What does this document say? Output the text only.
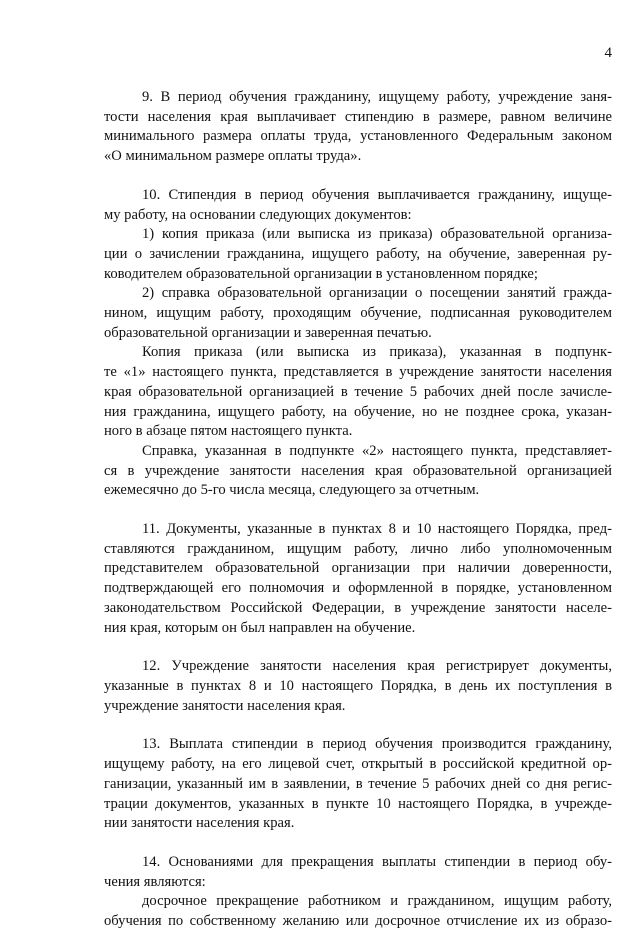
4

9. В период обучения гражданину, ищущему работу, учреждение заня-
тости населения края выплачивает стипендию в размере, равном величине
минимального размера оплаты труда, установленного Федеральным законом
«О минимальном размере оплаты труда».

10. Стипендия в период обучения выплачивается гражданину, ищуще-
му работу, на основании следующих документов:

1) копия приказа (или выписка из приказа) образовательной организа-
ции о зачислении гражданина, ищущего работу, на обучение, заверенная ру-
ководителем образовательной организации в установленном порядке;

2) справка образовательной организации о посещении занятий гражда-
нином, ищущим работу, проходящим обучение, подписанная руководителем
образовательной организации и заверенная печатью.

Копия приказа (или выписка из приказа), указанная в подпунк-
те «1» настоящего пункта, представляется в учреждение занятости населения
края образовательной организацией в течение 5 рабочих дней после зачисле-
ния гражданина, ищущего работу, на обучение, но не позднее срока, указан-
ного в абзаце пятом настоящего пункта.

Справка, указанная в подпункте «2» настоящего пункта, представляет-
ся в учреждение занятости населения края образовательной организацией
ежемесячно до 5-го числа месяца, следующего за отчетным.

11. Документы, указанные в пунктах 8 и 10 настоящего Порядка, пред-
ставляются гражданином, ищущим работу, лично либо уполномоченным
представителем образовательной организации при наличии доверенности,
подтверждающей его полномочия и оформленной в порядке, установленном
законодательством Российской Федерации, в учреждение занятости населе-
ния края, которым он был направлен на обучение.

12. Учреждение занятости населения края регистрирует документы,
указанные в пунктах 8 и 10 настоящего Порядка, в день их поступления в
учреждение занятости населения края.

13. Выплата стипендии в период обучения производится гражданину,
ищущему работу, на его лицевой счет, открытый в российской кредитной ор-
ганизации, указанный им в заявлении, в течение 5 рабочих дней со дня регис-
трации документов, указанных в пункте 10 настоящего Порядка, в учрежде-
нии занятости населения края.

14. Основаниями для прекращения выплаты стипендии в период обу-
чения являются:

досрочное прекращение работником и гражданином, ищущим работу,
обучения по собственному желанию или досрочное отчисление их из образо-
